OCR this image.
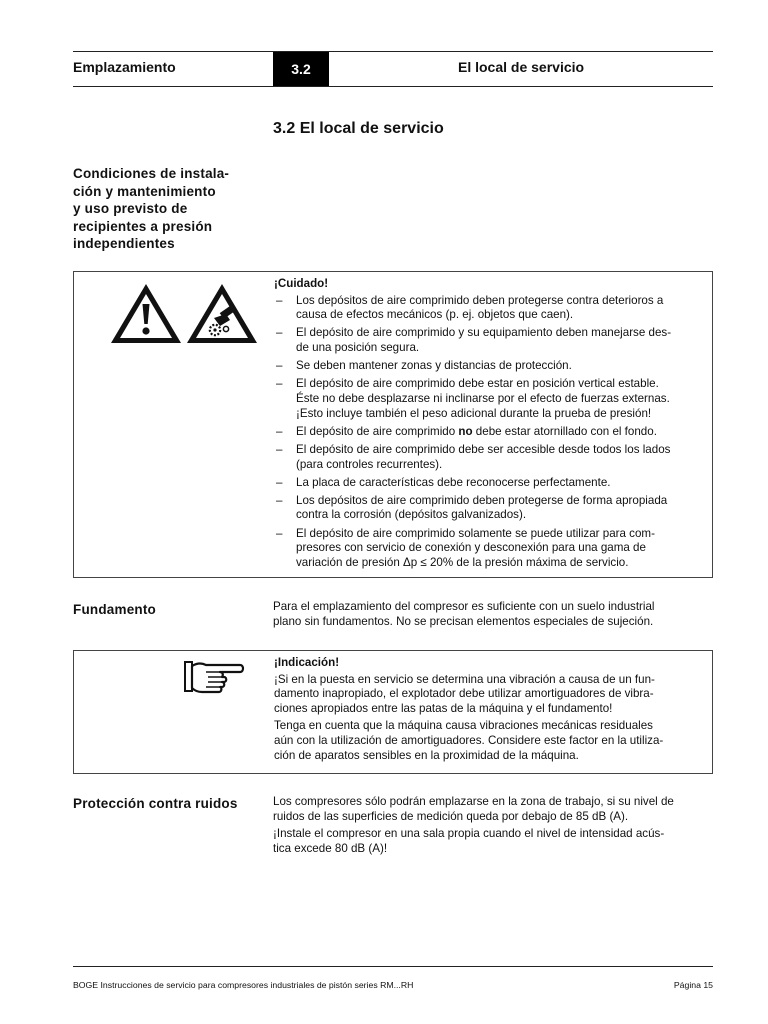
Emplazamiento	3.2	El local de servicio
3.2 El local de servicio
Condiciones de instala-
ción y mantenimiento
y uso previsto de
recipientes a presión
independientes
¡Cuidado!
– Los depósitos de aire comprimido deben protegerse contra deterioros a
causa de efectos mecánicos (p. ej. objetos que caen).
– El depósito de aire comprimido y su equipamiento deben manejarse des-
de una posición segura.
– Se deben mantener zonas y distancias de protección.
– El depósito de aire comprimido debe estar en posición vertical estable.
Éste no debe desplazarse ni inclinarse por el efecto de fuerzas externas.
¡Esto incluye también el peso adicional durante la prueba de presión!
– El depósito de aire comprimido no debe estar atornillado con el fondo.
– El depósito de aire comprimido debe ser accesible desde todos los lados
(para controles recurrentes).
– La placa de características debe reconocerse perfectamente.
– Los depósitos de aire comprimido deben protegerse de forma apropiada
contra la corrosión (depósitos galvanizados).
– El depósito de aire comprimido solamente se puede utilizar para com-
presores con servicio de conexión y desconexión para una gama de
variación de presión Δp ≤ 20% de la presión máxima de servicio.
Fundamento	Para el emplazamiento del compresor es suficiente con un suelo industrial
plano sin fundamentos. No se precisan elementos especiales de sujeción.
¡Indicación!

¡Si en la puesta en servicio se determina una vibración a causa de un fun-
damento inapropiado, el explotador debe utilizar amortiguadores de vibra-
ciones apropiados entre las patas de la máquina y el fundamento!

Tenga en cuenta que la máquina causa vibraciones mecánicas residuales
aún con la utilización de amortiguadores. Considere este factor en la utiliza-
ción de aparatos sensibles en la proximidad de la máquina.

Protección contra ruidos	Los compresores sólo podrán emplazarse en la zona de trabajo, si su nivel de
ruidos de las superficies de medición queda por debajo de 85 dB (A).

¡Instale el compresor en una sala propia cuando el nivel de intensidad acús-
tica excede 80 dB (A)!

BOGE Instrucciones de servicio para compresores industriales de pistón series RM...RH	Página 15
